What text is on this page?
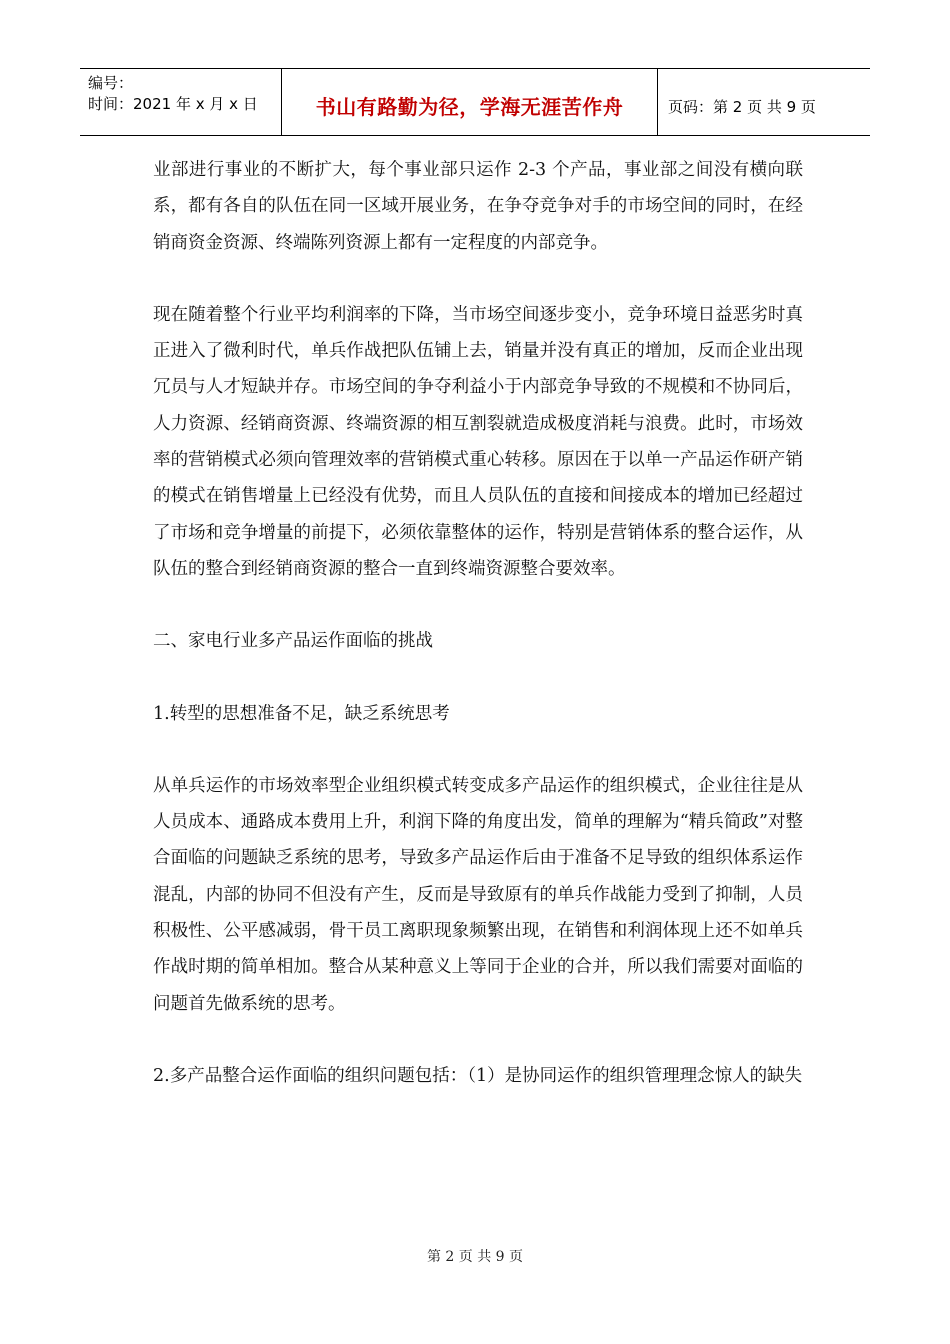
编号：
时间：2021 年 x 月 x 日	书山有路勤为径，学海无涯苦作舟	页码：第 2 页 共 9 页

业部进行事业的不断扩大，每个事业部只运作 2-3 个产品，事业部之间没有横向联系，都有各自的队伍在同一区域开展业务，在争夺竞争对手的市场空间的同时，在经销商资金资源、终端陈列资源上都有一定程度的内部竞争。

现在随着整个行业平均利润率的下降，当市场空间逐步变小，竞争环境日益恶劣时真正进入了微利时代，单兵作战把队伍铺上去，销量并没有真正的增加，反而企业出现冗员与人才短缺并存。市场空间的争夺利益小于内部竞争导致的不规模和不协同后，人力资源、经销商资源、终端资源的相互割裂就造成极度消耗与浪费。此时，市场效率的营销模式必须向管理效率的营销模式重心转移。原因在于以单一产品运作研产销的模式在销售增量上已经没有优势，而且人员队伍的直接和间接成本的增加已经超过了市场和竞争增量的前提下，必须依靠整体的运作，特别是营销体系的整合运作，从队伍的整合到经销商资源的整合一直到终端资源整合要效率。

二、家电行业多产品运作面临的挑战

1.转型的思想准备不足，缺乏系统思考

从单兵运作的市场效率型企业组织模式转变成多产品运作的组织模式，企业往往是从人员成本、通路成本费用上升，利润下降的角度出发，简单的理解为“精兵简政”对整合面临的问题缺乏系统的思考，导致多产品运作后由于准备不足导致的组织体系运作混乱，内部的协同不但没有产生，反而是导致原有的单兵作战能力受到了抑制，人员积极性、公平感减弱，骨干员工离职现象频繁出现，在销售和利润体现上还不如单兵作战时期的简单相加。整合从某种意义上等同于企业的合并，所以我们需要对面临的问题首先做系统的思考。

2.多产品整合运作面临的组织问题包括：（1）是协同运作的组织管理理念惊人的缺失

第 2 页 共 9 页
